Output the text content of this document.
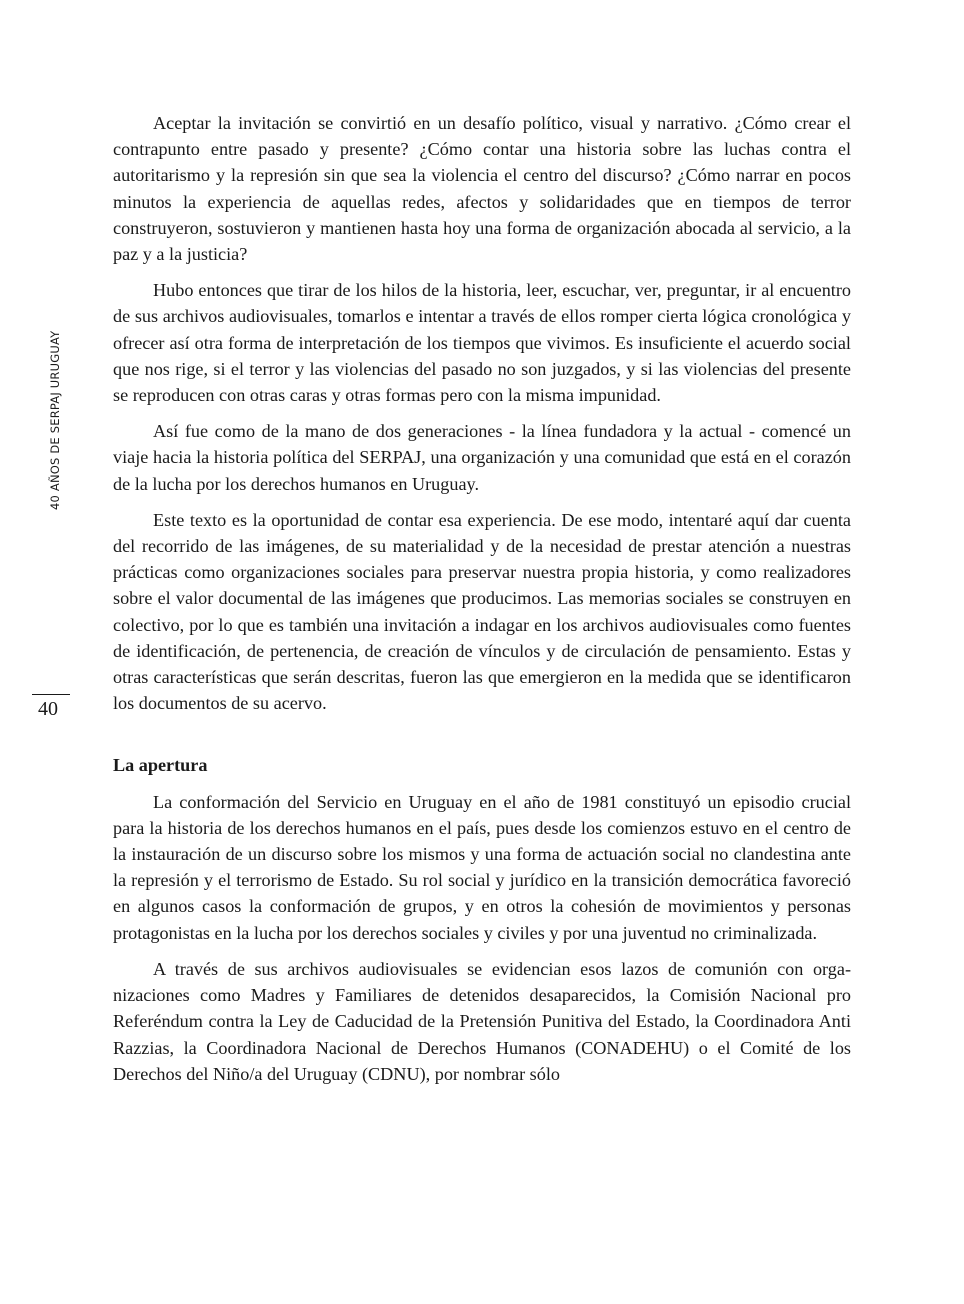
40 AÑOS DE SERPAJ URUGUAY
40

Aceptar la invitación se convirtió en un desafío político, visual y narrativo. ¿Cómo crear el contrapunto entre pasado y presente? ¿Cómo contar una historia sobre las luchas contra el autoritarismo y la represión sin que sea la violencia el centro del discurso? ¿Cómo narrar en pocos minutos la experiencia de aquellas redes, afectos y solidaridades que en tiempos de terror construyeron, sostuvieron y mantienen hasta hoy una forma de organización abocada al servicio, a la paz y a la justicia?

Hubo entonces que tirar de los hilos de la historia, leer, escuchar, ver, preguntar, ir al encuentro de sus archivos audiovisuales, tomarlos e intentar a través de ellos romper cierta lógica cronológica y ofrecer así otra forma de interpretación de los tiempos que vivimos. Es insuficiente el acuerdo social que nos rige, si el terror y las violencias del pasado no son juzgados, y si las violencias del presente se reproducen con otras caras y otras formas pero con la misma impunidad.

Así fue como de la mano de dos generaciones - la línea fundadora y la actual - comencé un viaje hacia la historia política del SERPAJ, una organización y una comunidad que está en el corazón de la lucha por los derechos humanos en Uruguay.

Este texto es la oportunidad de contar esa experiencia. De ese modo, intentaré aquí dar cuenta del recorrido de las imágenes, de su materialidad y de la necesidad de prestar atención a nuestras prácticas como organizaciones sociales para preservar nuestra propia historia, y como realizadores sobre el valor documental de las imágenes que producimos. Las memorias sociales se construyen en colectivo, por lo que es también una invitación a indagar en los archivos audiovisuales como fuentes de identificación, de pertenencia, de creación de vínculos y de circulación de pensamiento. Estas y otras características que serán descritas, fueron las que emergieron en la medida que se identificaron los documentos de su acervo.

La apertura

La conformación del Servicio en Uruguay en el año de 1981 constituyó un episodio crucial para la historia de los derechos humanos en el país, pues desde los comienzos estuvo en el centro de la instauración de un discurso sobre los mismos y una forma de actuación social no clandestina ante la represión y el terrorismo de Estado. Su rol social y jurídico en la transición democrática favoreció en algunos casos la conformación de grupos, y en otros la cohesión de movimientos y personas protagonistas en la lucha por los derechos sociales y civiles y por una juventud no criminalizada.

A través de sus archivos audiovisuales se evidencian esos lazos de comunión con organizaciones como Madres y Familiares de detenidos desaparecidos, la Comisión Nacional pro Referéndum contra la Ley de Caducidad de la Pretensión Punitiva del Estado, la Coordinadora Anti Razzias, la Coordinadora Nacional de Derechos Humanos (CONADEHU) o el Comité de los Derechos del Niño/a del Uruguay (CDNU), por nombrar sólo
